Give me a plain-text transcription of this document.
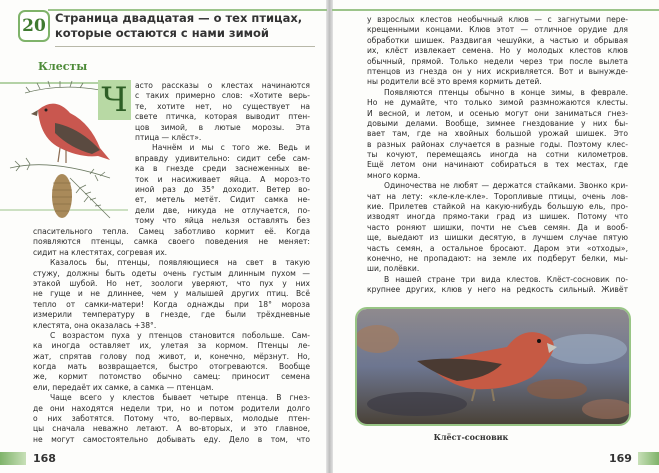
20 Страница двадцатая — о тех птицах,
которые остаются с нами зимой
Клесты
Ч асто рассказы о клестах начинаются
с таких примерно слов: «Хотите верь-
те, хотите нет, но существует на
свете птичка, которая выводит птен-
цов зимой, в лютые морозы. Эта
птица — клёст».
Начнём и мы с того же. Ведь и
вправду удивительно: сидит себе сам-
ка в гнезде среди заснеженных ве-
ток и насиживает яйца. А мороз-то
иной раз до 35° доходит. Ветер во-
ет, метель метёт. Сидит самка не-
дели две, никуда не отлучается, по-
тому что яйца нельзя оставлять без
спасительного тепла. Самец заботливо кормит её. Когда
появляются птенцы, самка своего поведения не меняет:
сидит на клестятах, согревая их.
Казалось бы, птенцы, появляющиеся на свет в такую
стужу, должны быть одеты очень густым длинным пухом —
этакой шубой. Но нет, зоологи уверяют, что пух у них
не гуще и не длиннее, чем у малышей других птиц. Всё
тепло от самки-матери! Когда однажды при 18° мороза
измерили температуру в гнезде, где были трёхдневные
клестята, она оказалась +38°.
С возрастом пуха у птенцов становится побольше. Сам-
ка иногда оставляет их, улетая за кормом. Птенцы ле-
жат, спрятав голову под живот, и, конечно, мёрзнут. Но,
когда мать возвращается, быстро отогреваются. Вообще
же, кормит потомство обычно самец: приносит семена
ели, передаёт их самке, а самка — птенцам.
Чаще всего у клестов бывает четыре птенца. В гнез-
де они находятся недели три, но и потом родители долго
о них заботятся. Потому что, во-первых, молодые птен-
цы сначала неважно летают. А во-вторых, и это главное,
не могут самостоятельно добывать еду. Дело в том, что
у взрослых клестов необычный клюв — с загнутыми пере-
крещенными концами. Клюв этот — отличное орудие для
обработки шишек. Раздвигая чешуйки, а частью и обрывая
их, клёст извлекает семена. Но у молодых клестов клюв
обычный, прямой. Только недели через три после вылета
птенцов из гнезда он у них искривляется. Вот и вынужде-
ны родители всё это время кормить детей.
Появляются птенцы обычно в конце зимы, в феврале.
Но не думайте, что только зимой размножаются клесты.
И весной, и летом, и осенью могут они заниматься гнез-
довыми делами. Вообще, зимнее гнездование у них бы-
вает там, где на хвойных большой урожай шишек. Это
в разных районах случается в разные годы. Поэтому клес-
ты кочуют, перемещаясь иногда на сотни километров.
Ещё летом они начинают собираться в тех местах, где
много корма.
Одиночества не любят — держатся стайками. Звонко кри-
чат на лету: «кле-кле-кле». Торопливые птицы, очень лов-
кие. Прилетев стайкой на какую-нибудь большую ель, про-
изводят иногда прямо-таки град из шишек. Потому что
часто роняют шишки, почти не съев семян. Да и вооб-
ще, выедают из шишки десятую, в лучшем случае пятую
часть семян, а остальное бросают. Даром эти «отходы»,
конечно, не пропадают: на земле их подберут белки, мы-
ши, полёвки.
В нашей стране три вида клестов. Клёст-сосновик по-
крупнее других, клюв у него на редкость сильный. Живёт
Клёст-сосновик
168	169
